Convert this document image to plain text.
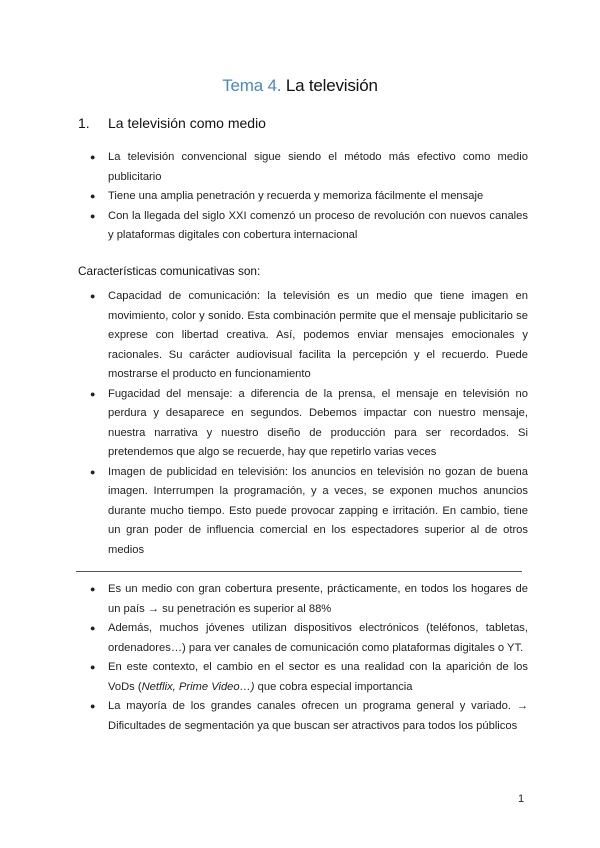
Tema 4. La televisión
1. La televisión como medio
● La televisión convencional sigue siendo el método más efectivo como medio publicitario
● Tiene una amplia penetración y recuerda y memoriza fácilmente el mensaje
● Con la llegada del siglo XXI comenzó un proceso de revolución con nuevos canales y plataformas digitales con cobertura internacional
Características comunicativas son:
● Capacidad de comunicación: la televisión es un medio que tiene imagen en movimiento, color y sonido. Esta combinación permite que el mensaje publicitario se exprese con libertad creativa. Así, podemos enviar mensajes emocionales y racionales. Su carácter audiovisual facilita la percepción y el recuerdo. Puede mostrarse el producto en funcionamiento
● Fugacidad del mensaje: a diferencia de la prensa, el mensaje en televisión no perdura y desaparece en segundos. Debemos impactar con nuestro mensaje, nuestra narrativa y nuestro diseño de producción para ser recordados. Si pretendemos que algo se recuerde, hay que repetirlo varias veces
● Imagen de publicidad en televisión: los anuncios en televisión no gozan de buena imagen. Interrumpen la programación, y a veces, se exponen muchos anuncios durante mucho tiempo. Esto puede provocar zapping e irritación. En cambio, tiene un gran poder de influencia comercial en los espectadores superior al de otros medios
● Es un medio con gran cobertura presente, prácticamente, en todos los hogares de un país → su penetración es superior al 88%
● Además, muchos jóvenes utilizan dispositivos electrónicos (teléfonos, tabletas, ordenadores…) para ver canales de comunicación como plataformas digitales o YT.
● En este contexto, el cambio en el sector es una realidad con la aparición de los VoDs (Netflix, Prime Video…) que cobra especial importancia
● La mayoría de los grandes canales ofrecen un programa general y variado. → Dificultades de segmentación ya que buscan ser atractivos para todos los públicos
1
